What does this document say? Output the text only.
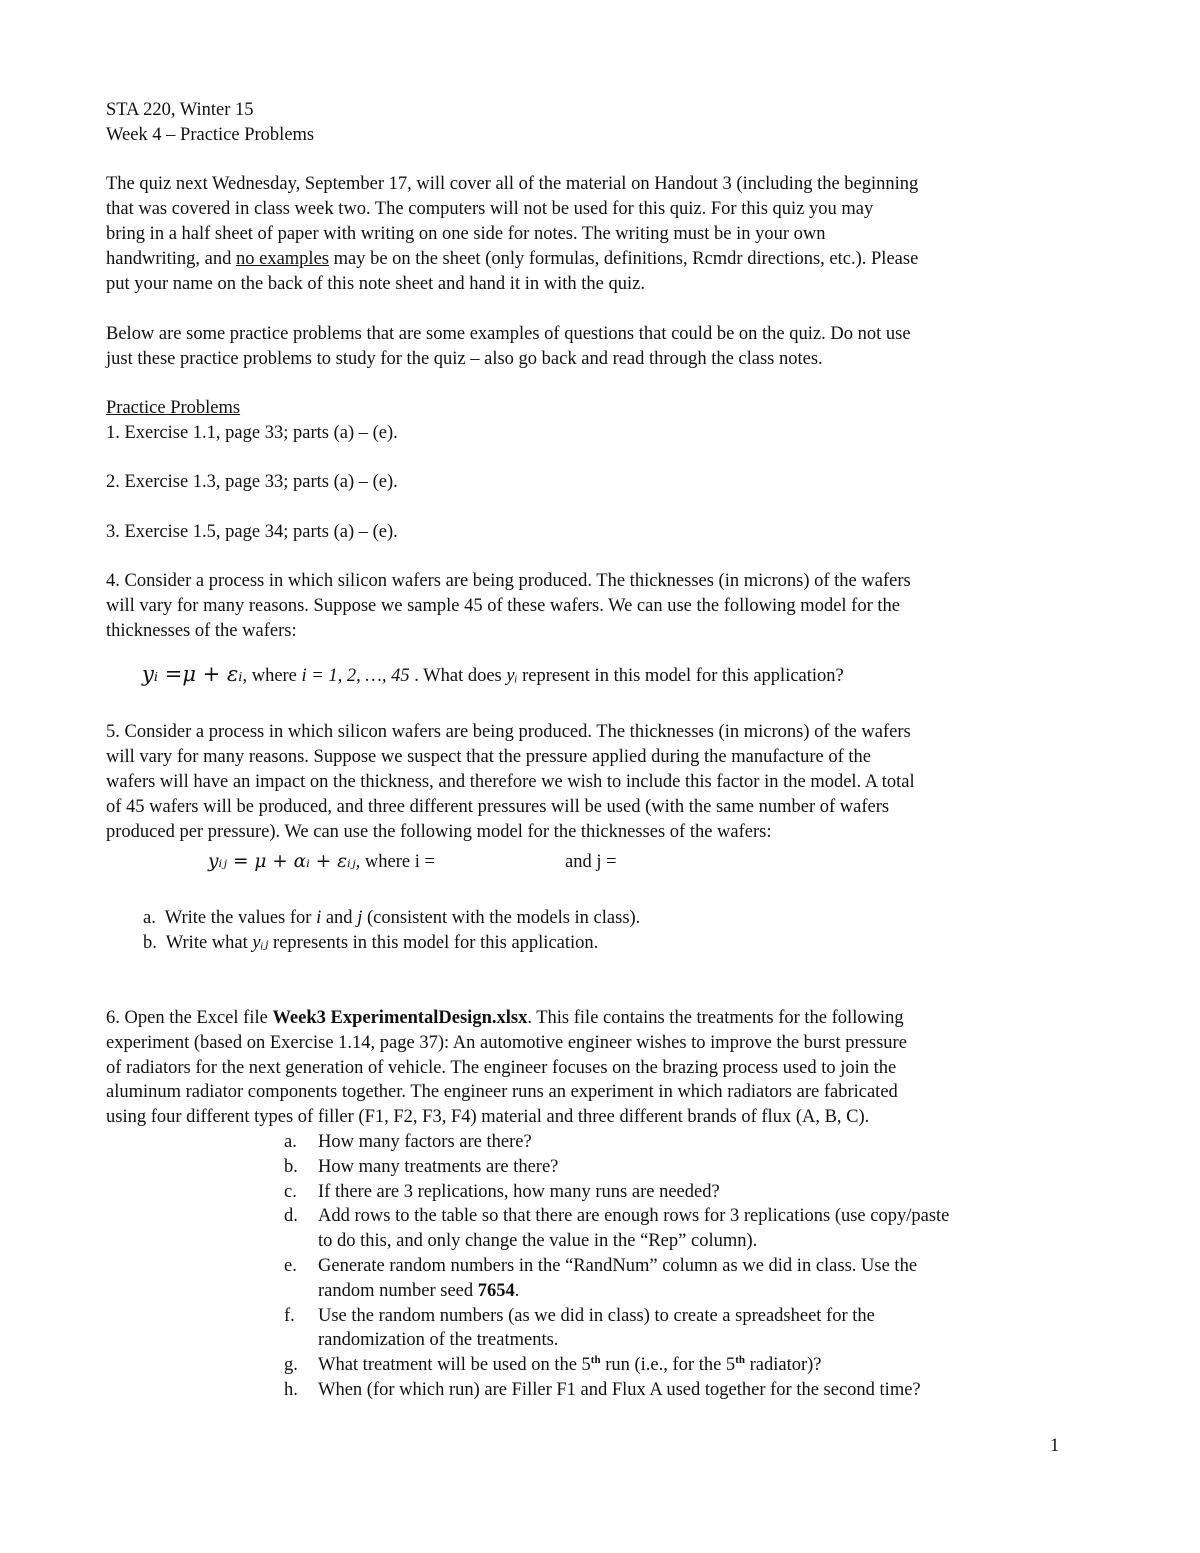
STA 220, Winter 15
Week 4 – Practice Problems
The quiz next Wednesday, September 17, will cover all of the material on Handout 3 (including the beginning
that was covered in class week two. The computers will not be used for this quiz. For this quiz you may
bring in a half sheet of paper with writing on one side for notes. The writing must be in your own
handwriting, and no examples may be on the sheet (only formulas, definitions, Rcmdr directions, etc.). Please
put your name on the back of this note sheet and hand it in with the quiz.
Below are some practice problems that are some examples of questions that could be on the quiz. Do not use
just these practice problems to study for the quiz – also go back and read through the class notes.
Practice Problems
1. Exercise 1.1, page 33; parts (a) – (e).
2. Exercise 1.3, page 33; parts (a) – (e).
3. Exercise 1.5, page 34; parts (a) – (e).
4. Consider a process in which silicon wafers are being produced. The thicknesses (in microns) of the wafers
will vary for many reasons. Suppose we sample 45 of these wafers. We can use the following model for the
thicknesses of the wafers:
yᵢ =μ + εᵢ, where i = 1, 2, …, 45 . What does yᵢ represent in this model for this application?
5. Consider a process in which silicon wafers are being produced. The thicknesses (in microns) of the wafers
will vary for many reasons. Suppose we suspect that the pressure applied during the manufacture of the
wafers will have an impact on the thickness, and therefore we wish to include this factor in the model. A total
of 45 wafers will be produced, and three different pressures will be used (with the same number of wafers
produced per pressure). We can use the following model for the thicknesses of the wafers:
yᵢⱼ = μ + αᵢ + εᵢⱼ, where i =	and j =
a. Write the values for i and j (consistent with the models in class).
b. Write what yᵢⱼ represents in this model for this application.
6. Open the Excel file Week3 ExperimentalDesign.xlsx. This file contains the treatments for the following
experiment (based on Exercise 1.14, page 37): An automotive engineer wishes to improve the burst pressure
of radiators for the next generation of vehicle. The engineer focuses on the brazing process used to join the
aluminum radiator components together. The engineer runs an experiment in which radiators are fabricated
using four different types of filler (F1, F2, F3, F4) material and three different brands of flux (A, B, C).
a. How many factors are there?
b. How many treatments are there?
c. If there are 3 replications, how many runs are needed?
d. Add rows to the table so that there are enough rows for 3 replications (use copy/paste
to do this, and only change the value in the “Rep” column).
e. Generate random numbers in the “RandNum” column as we did in class. Use the
random number seed 7654.
f. Use the random numbers (as we did in class) to create a spreadsheet for the
randomization of the treatments.
g. What treatment will be used on the 5th run (i.e., for the 5th radiator)?
h. When (for which run) are Filler F1 and Flux A used together for the second time?
1
